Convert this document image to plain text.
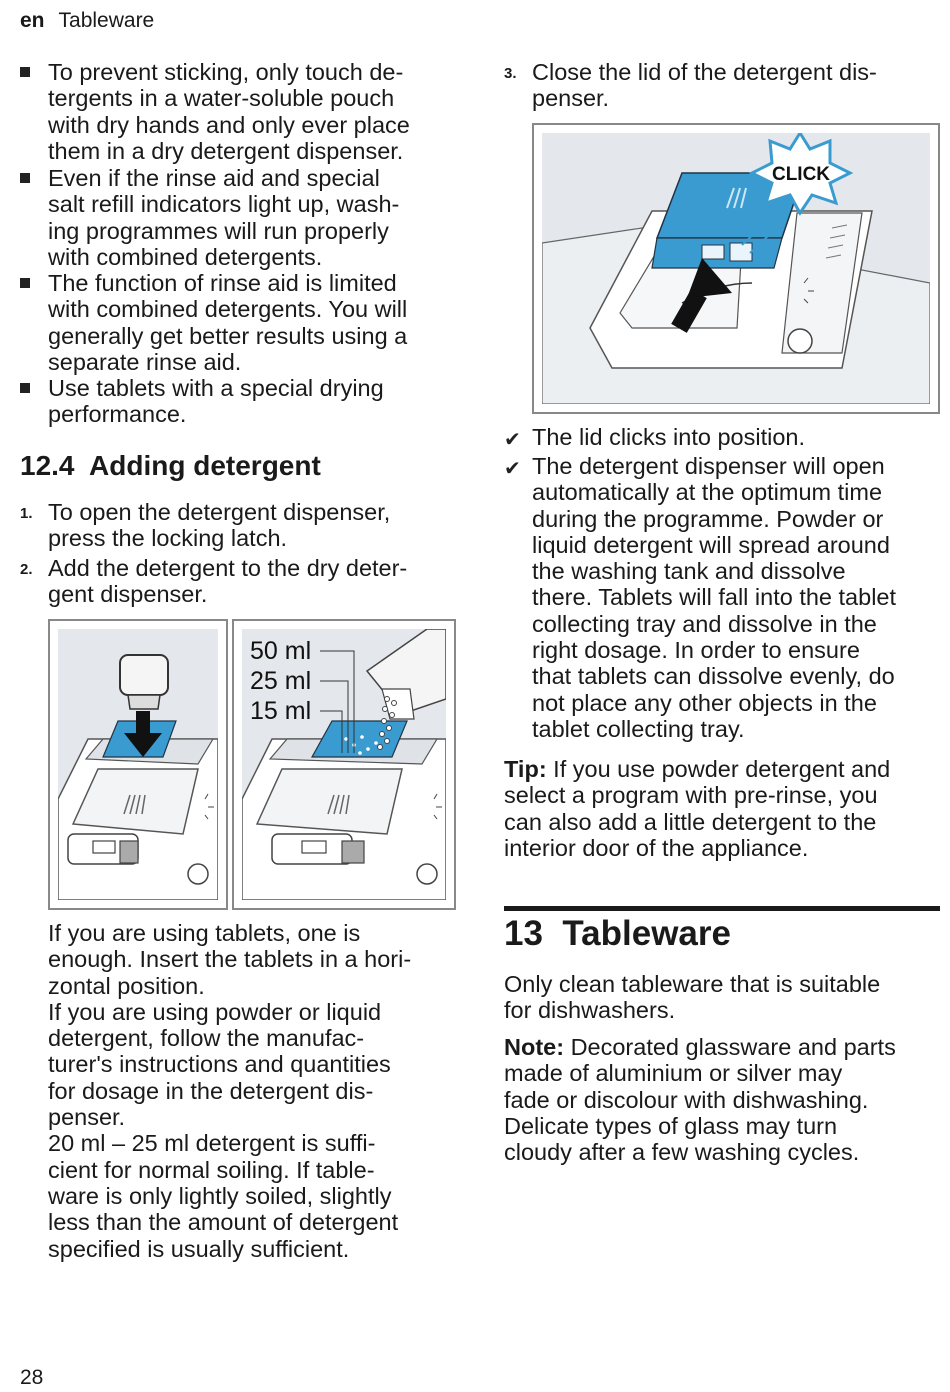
en Tableware

To prevent sticking, only touch de-

tergents in a water-soluble pouch

with dry hands and only ever place

them in a dry detergent dispenser.

Even if the rinse aid and special

salt refill indicators light up, wash-

ing programmes will run properly

with combined detergents.

The function of rinse aid is limited

with combined detergents. You will

generally get better results using a

separate rinse aid.

Use tablets with a special drying

performance.

12.4 Adding detergent
1. To open the detergent dispenser,

press the locking latch.

2. Add the detergent to the dry deter-

gent dispenser.

If you are using tablets, one is

enough. Insert the tablets in a hori-

zontal position.

If you are using powder or liquid

detergent, follow the manufac-

turer's instructions and quantities

for dosage in the detergent dis-

penser.

20 ml – 25 ml detergent is suffi-

cient for normal soiling. If table-

ware is only lightly soiled, slightly

less than the amount of detergent

specified is usually sufficient.

50 ml
25 ml
15 ml
3. Close the lid of the detergent dis-

penser.

✔ The lid clicks into position.

✔ The detergent dispenser will open

automatically at the optimum time

during the programme. Powder or

liquid detergent will spread around

the washing tank and dissolve

there. Tablets will fall into the tablet

collecting tray and dissolve in the

right dosage. In order to ensure

that tablets can dissolve evenly, do

not place any other objects in the

tablet collecting tray.

Tip: If you use powder detergent and

select a program with pre-rinse, you

can also add a little detergent to the

interior door of the appliance.

13 Tableware

Only clean tableware that is suitable

for dishwashers.

Note: Decorated glassware and parts

made of aluminium or silver may

fade or discolour with dishwashing.

Delicate types of glass may turn

cloudy after a few washing cycles.

CLICK
28
